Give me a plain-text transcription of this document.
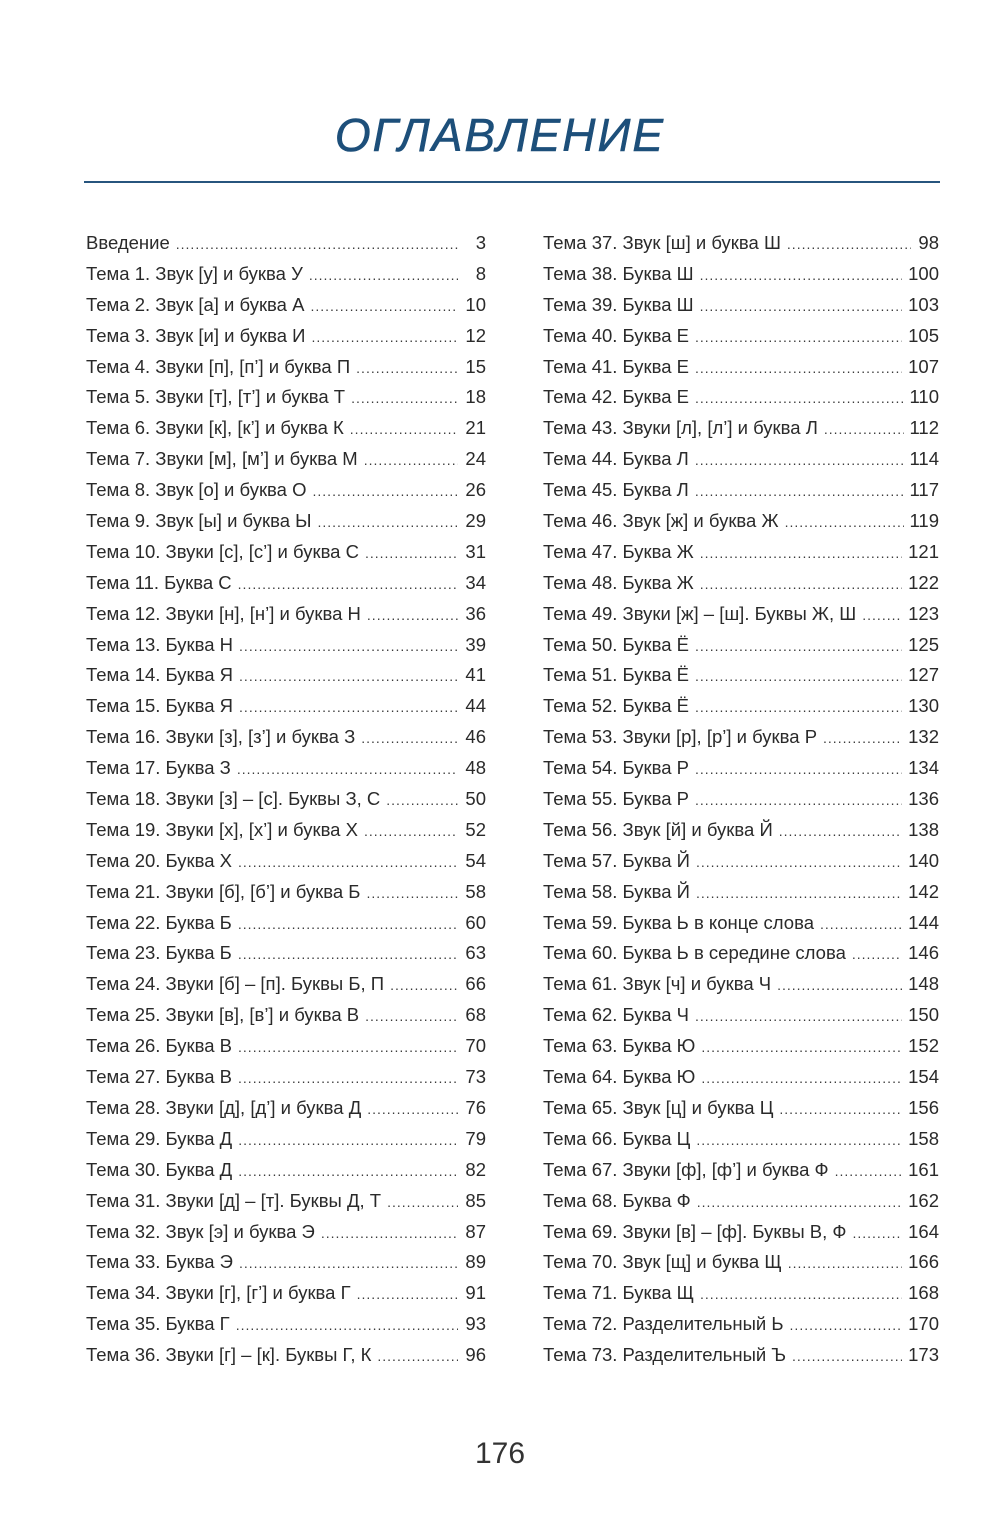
ОГЛАВЛЕНИЕ
Введение .....	3
Тема 1. Звук [у] и буква У .....	8
Тема 2. Звук [а] и буква А .....	10
Тема 3. Звук [и] и буква И .....	12
Тема 4. Звуки [п], [п’] и буква П .....	15
Тема 5. Звуки [т], [т’] и буква Т .....	18
Тема 6. Звуки [к], [к’] и буква К .....	21
Тема 7. Звуки [м], [м’] и буква М .....	24
Тема 8. Звук [о] и буква О .....	26
Тема 9. Звук [ы] и буква Ы .....	29
Тема 10. Звуки [с], [с’] и буква С .....	31
Тема 11. Буква С .....	34
Тема 12. Звуки [н], [н’] и буква Н .....	36
Тема 13. Буква Н .....	39
Тема 14. Буква Я .....	41
Тема 15. Буква Я .....	44
Тема 16. Звуки [з], [з’] и буква З .....	46
Тема 17. Буква З .....	48
Тема 18. Звуки [з] – [с]. Буквы З, С .....	50
Тема 19. Звуки [х], [х’] и буква Х .....	52
Тема 20. Буква Х .....	54
Тема 21. Звуки [б], [б’] и буква Б .....	58
Тема 22. Буква Б .....	60
Тема 23. Буква Б .....	63
Тема 24. Звуки [б] – [п]. Буквы Б, П .....	66
Тема 25. Звуки [в], [в’] и буква В .....	68
Тема 26. Буква В .....	70
Тема 27. Буква В .....	73
Тема 28. Звуки [д], [д’] и буква Д .....	76
Тема 29. Буква Д .....	79
Тема 30. Буква Д .....	82
Тема 31. Звуки [д] – [т]. Буквы Д, Т .....	85
Тема 32. Звук [э] и буква Э .....	87
Тема 33. Буква Э .....	89
Тема 34. Звуки [г], [г’] и буква Г .....	91
Тема 35. Буква Г .....	93
Тема 36. Звуки [г] – [к]. Буквы Г, К .....	96
Тема 37. Звук [ш] и буква Ш .....	98
Тема 38. Буква Ш .....	100
Тема 39. Буква Ш .....	103
Тема 40. Буква Е .....	105
Тема 41. Буква Е .....	107
Тема 42. Буква Е .....	110
Тема 43. Звуки [л], [л’] и буква Л .....	112
Тема 44. Буква Л .....	114
Тема 45. Буква Л .....	117
Тема 46. Звук [ж] и буква Ж .....	119
Тема 47. Буква Ж .....	121
Тема 48. Буква Ж .....	122
Тема 49. Звуки [ж] – [ш]. Буквы Ж, Ш .....	123
Тема 50. Буква Ё .....	125
Тема 51. Буква Ё .....	127
Тема 52. Буква Ё .....	130
Тема 53. Звуки [р], [р’] и буква Р .....	132
Тема 54. Буква Р .....	134
Тема 55. Буква Р .....	136
Тема 56. Звук [й] и буква Й .....	138
Тема 57. Буква Й .....	140
Тема 58. Буква Й .....	142
Тема 59. Буква Ь в конце слова .....	144
Тема 60. Буква Ь в середине слова .....	146
Тема 61. Звук [ч] и буква Ч .....	148
Тема 62. Буква Ч .....	150
Тема 63. Буква Ю .....	152
Тема 64. Буква Ю .....	154
Тема 65. Звук [ц] и буква Ц .....	156
Тема 66. Буква Ц .....	158
Тема 67. Звуки [ф], [ф’] и буква Ф .....	161
Тема 68. Буква Ф .....	162
Тема 69. Звуки [в] – [ф]. Буквы В, Ф .....	164
Тема 70. Звук [щ] и буква Щ .....	166
Тема 71. Буква Щ .....	168
Тема 72. Разделительный Ь .....	170
Тема 73. Разделительный Ъ .....	173
176
